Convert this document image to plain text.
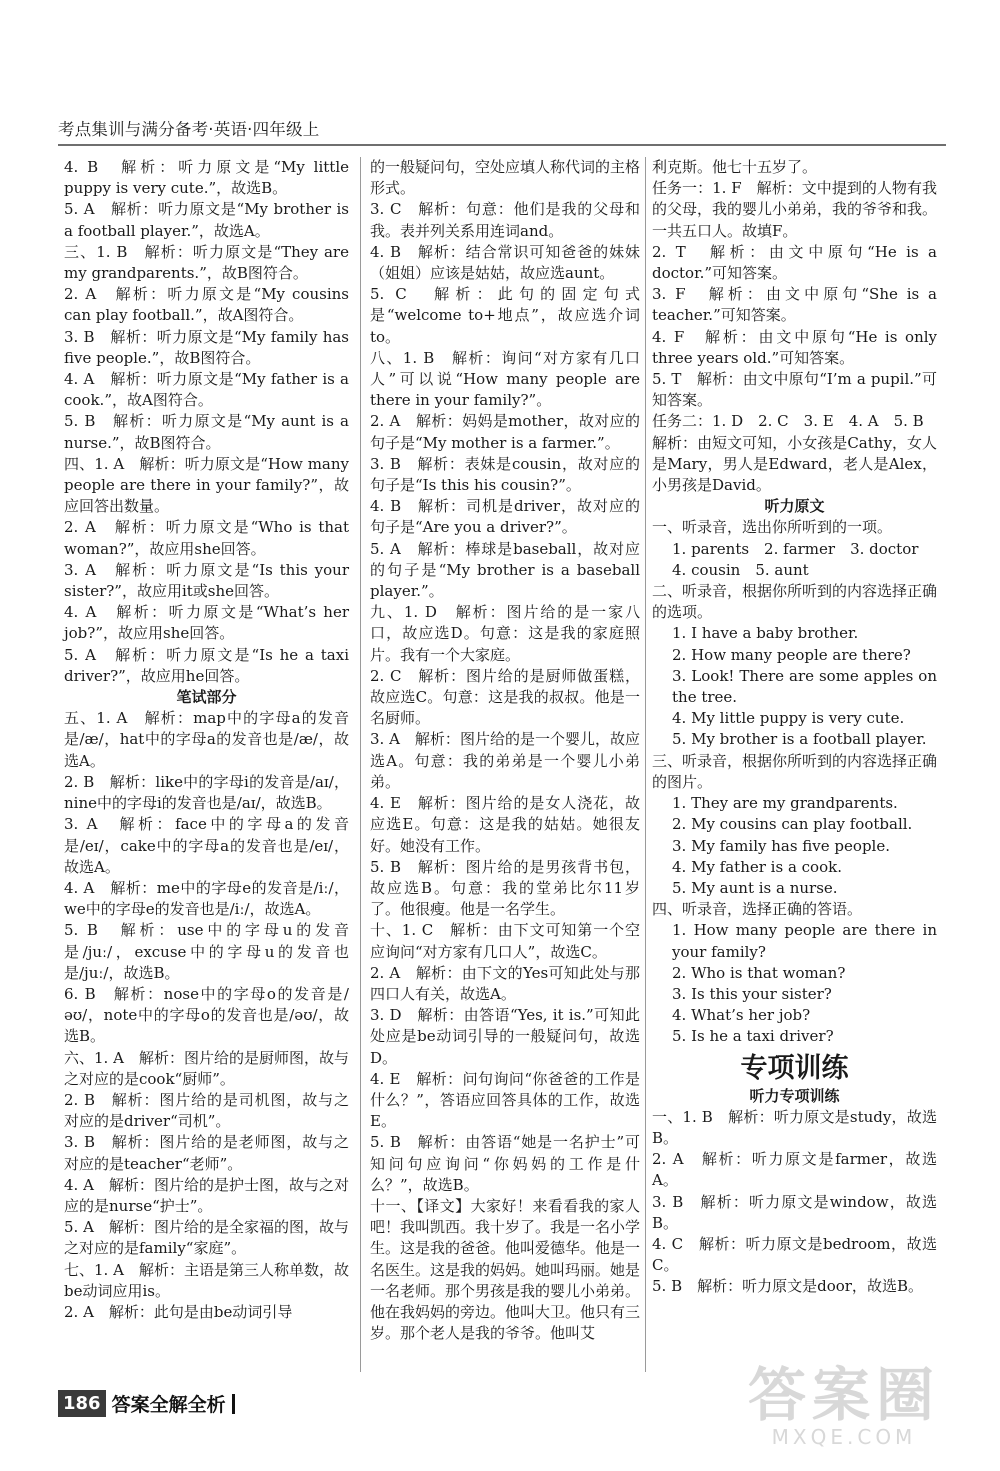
考点集训与满分备考·英语·四年级上

4. B　解析：听力原文是“My little puppy is very cute.”，故选B。

5. A　解析：听力原文是“My brother is a football player.”，故选A。

三、1. B　解析：听力原文是“They are my grandparents.”，故B图符合。

2. A　解析：听力原文是“My cousins can play football.”，故A图符合。

3. B　解析：听力原文是“My family has five people.”，故B图符合。

4. A　解析：听力原文是“My father is a cook.”，故A图符合。

5. B　解析：听力原文是“My aunt is a nurse.”，故B图符合。

四、1. A　解析：听力原文是“How many people are there in your family?”，故应回答出数量。

2. A　解析：听力原文是“Who is that woman?”，故应用she回答。

3. A　解析：听力原文是“Is this your sister?”，故应用it或she回答。

4. A　解析：听力原文是“What’s her job?”，故应用she回答。

5. A　解析：听力原文是“Is he a taxi driver?”，故应用he回答。

笔试部分

五、1. A　解析：map中的字母a的发音是/æ/，hat中的字母a的发音也是/æ/，故选A。

2. B　解析：like中的字母i的发音是/aɪ/，nine中的字母i的发音也是/aɪ/，故选B。

3. A　解析：face中的字母a的发音是/eɪ/，cake中的字母a的发音也是/eɪ/，故选A。

4. A　解析：me中的字母e的发音是/iː/，we中的字母e的发音也是/iː/，故选A。

5. B　解析：use中的字母u的发音是/juː/，excuse中的字母u的发音也是/juː/，故选B。

6. B　解析：nose中的字母o的发音是/əʊ/，note中的字母o的发音也是/əʊ/，故选B。

六、1. A　解析：图片给的是厨师图，故与之对应的是cook“厨师”。

2. B　解析：图片给的是司机图，故与之对应的是driver“司机”。

3. B　解析：图片给的是老师图，故与之对应的是teacher“老师”。

4. A　解析：图片给的是护士图，故与之对应的是nurse“护士”。

5. A　解析：图片给的是全家福的图，故与之对应的是family“家庭”。

七、1. A　解析：主语是第三人称单数，故be动词应用is。

2. A　解析：此句是由be动词引导

的一般疑问句，空处应填人称代词的主格形式。

3. C　解析：句意：他们是我的父母和我。表并列关系用连词and。

4. B　解析：结合常识可知爸爸的妹妹（姐姐）应该是姑姑，故应选aunt。

5. C　解析：此句的固定句式是“welcome to+地点”，故应选介词to。

八、1. B　解析：询问“对方家有几口人”可以说“How many people are there in your family?”。

2. A　解析：妈妈是mother，故对应的句子是“My mother is a farmer.”。

3. B　解析：表妹是cousin，故对应的句子是“Is this his cousin?”。

4. B　解析：司机是driver，故对应的句子是“Are you a driver?”。

5. A　解析：棒球是baseball，故对应的句子是“My brother is a baseball player.”。

九、1. D　解析：图片给的是一家八口，故应选D。句意：这是我的家庭照片。我有一个大家庭。

2. C　解析：图片给的是厨师做蛋糕，故应选C。句意：这是我的叔叔。他是一名厨师。

3. A　解析：图片给的是一个婴儿，故应选A。句意：我的弟弟是一个婴儿小弟弟。

4. E　解析：图片给的是女人浇花，故应选E。句意：这是我的姑姑。她很友好。她没有工作。

5. B　解析：图片给的是男孩背书包，故应选B。句意：我的堂弟比尔11岁了。他很瘦。他是一名学生。

十、1. C　解析：由下文可知第一个空应询问“对方家有几口人”，故选C。

2. A　解析：由下文的Yes可知此处与那四口人有关，故选A。

3. D　解析：由答语“Yes, it is.”可知此处应是be动词引导的一般疑问句，故选D。

4. E　解析：问句询问“你爸爸的工作是什么？”，答语应回答具体的工作，故选E。

5. B　解析：由答语“她是一名护士”可知问句应询问“你妈妈的工作是什么？”，故选B。

十一、【译文】大家好！来看看我的家人吧！我叫凯西。我十岁了。我是一名小学生。这是我的爸爸。他叫爱德华。他是一名医生。这是我的妈妈。她叫玛丽。她是一名老师。那个男孩是我的婴儿小弟弟。他在我妈妈的旁边。他叫大卫。他只有三岁。那个老人是我的爷爷。他叫艾

利克斯。他七十五岁了。

任务一：1. F　解析：文中提到的人物有我的父母，我的婴儿小弟弟，我的爷爷和我。一共五口人。故填F。

2. T　解析：由文中原句“He is a doctor.”可知答案。

3. F　解析：由文中原句“She is a teacher.”可知答案。

4. F　解析：由文中原句“He is only three years old.”可知答案。

5. T　解析：由文中原句“I’m a pupil.”可知答案。

任务二：1. D　2. C　3. E　4. A　5. B

解析：由短文可知，小女孩是Cathy，女人是Mary，男人是Edward，老人是Alex，小男孩是David。

听力原文

一、听录音，选出你所听到的一项。

1. parents　2. farmer　3. doctor

4. cousin　5. aunt

二、听录音，根据你所听到的内容选择正确的选项。

1. I have a baby brother.

2. How many people are there?

3. Look! There are some apples on the tree.

4. My little puppy is very cute.

5. My brother is a football player.

三、听录音，根据你所听到的内容选择正确的图片。

1. They are my grandparents.

2. My cousins can play football.

3. My family has five people.

4. My father is a cook.

5. My aunt is a nurse.

四、听录音，选择正确的答语。

1. How many people are there in your family?

2. Who is that woman?

3. Is this your sister?

4. What’s her job?

5. Is he a taxi driver?

专项训练

听力专项训练

一、1. B　解析：听力原文是study，故选B。

2. A　解析：听力原文是farmer，故选A。

3. B　解析：听力原文是window，故选B。

4. C　解析：听力原文是bedroom，故选C。

5. B　解析：听力原文是door，故选B。

186 答案全解全析	答案圈
MXQE.COM
